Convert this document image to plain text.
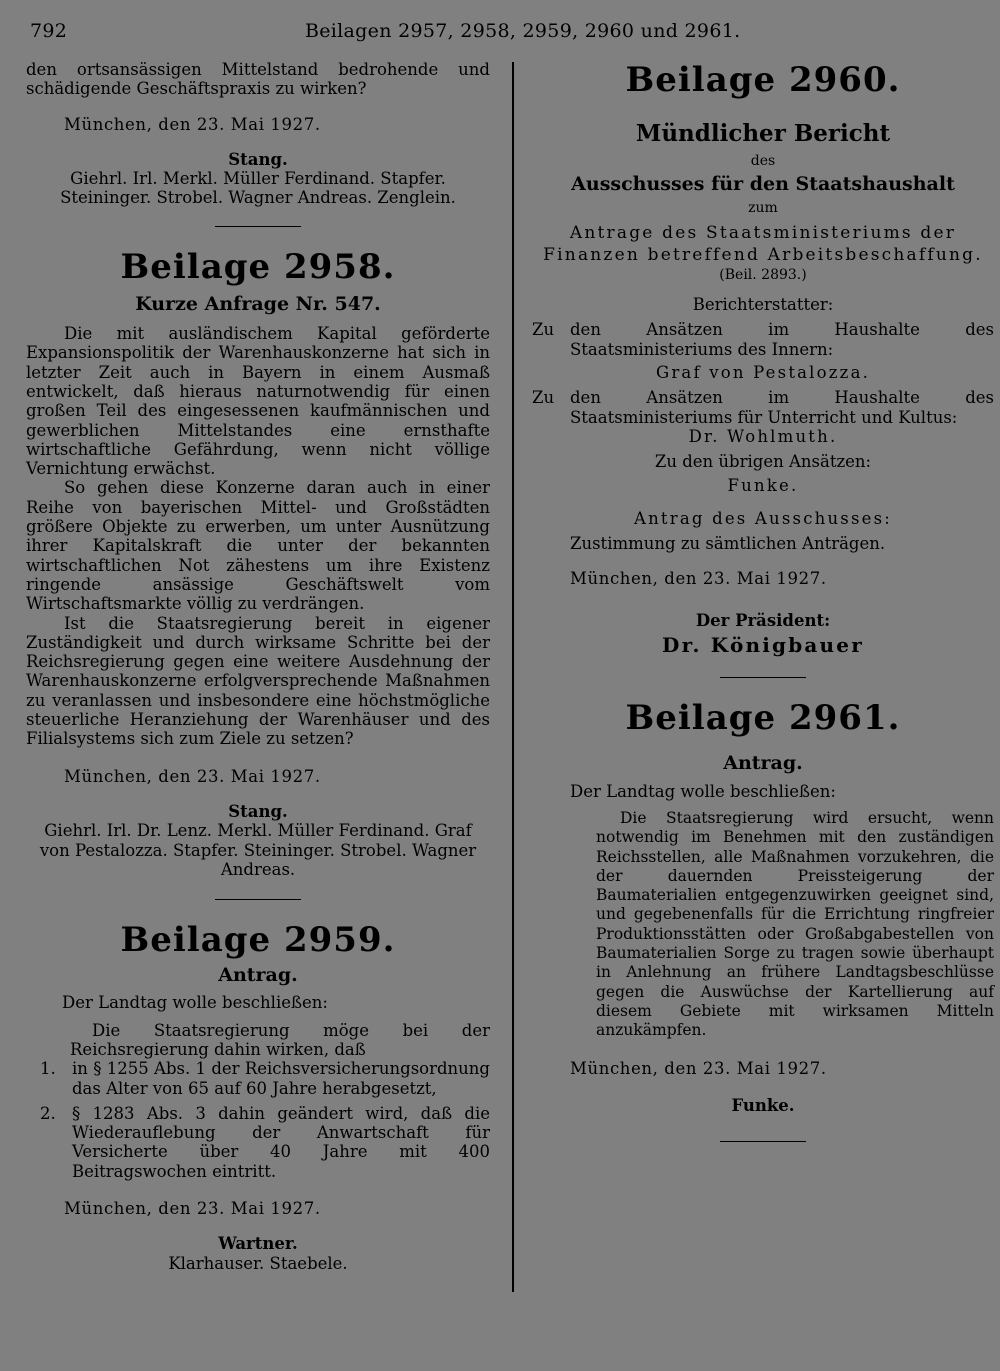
792	Beilagen 2957, 2958, 2959, 2960 und 2961.

den ortsansässigen Mittelstand bedrohende und schädigende Geschäftspraxis zu wirken?

München, den 23. Mai 1927.

Stang.

Giehrl. Irl. Merkl. Müller Ferdinand. Stapfer. Steininger. Strobel. Wagner Andreas. Zenglein.

Beilage 2958.

Kurze Anfrage Nr. 547.

Die mit ausländischem Kapital geförderte Expansionspolitik der Warenhauskonzerne hat sich in letzter Zeit auch in Bayern in einem Ausmaß entwickelt, daß hieraus naturnotwendig für einen großen Teil des eingesessenen kaufmännischen und gewerblichen Mittelstandes eine ernsthafte wirtschaftliche Gefährdung, wenn nicht völlige Vernichtung erwächst.

So gehen diese Konzerne daran auch in einer Reihe von bayerischen Mittel- und Großstädten größere Objekte zu erwerben, um unter Ausnützung ihrer Kapitalskraft die unter der bekannten wirtschaftlichen Not zähestens um ihre Existenz ringende ansässige Geschäftswelt vom Wirtschaftsmarkte völlig zu verdrängen.

Ist die Staatsregierung bereit in eigener Zuständigkeit und durch wirksame Schritte bei der Reichsregierung gegen eine weitere Ausdehnung der Warenhauskonzerne erfolgversprechende Maßnahmen zu veranlassen und insbesondere eine höchstmögliche steuerliche Heranziehung der Warenhäuser und des Filialsystems sich zum Ziele zu setzen?

München, den 23. Mai 1927.

Stang.

Giehrl. Irl. Dr. Lenz. Merkl. Müller Ferdinand. Graf von Pestalozza. Stapfer. Steininger. Strobel. Wagner Andreas.

Beilage 2959.

Antrag.

Der Landtag wolle beschließen:

Die Staatsregierung möge bei der Reichsregierung dahin wirken, daß

1. in § 1255 Abs. 1 der Reichsversicherungsordnung das Alter von 65 auf 60 Jahre herabgesetzt,
2. § 1283 Abs. 3 dahin geändert wird, daß die Wiederauflebung der Anwartschaft für Versicherte über 40 Jahre mit 400 Beitragswochen eintritt.

München, den 23. Mai 1927.

Wartner.

Klarhauser. Staebele.

Beilage 2960.

Mündlicher Bericht

des

Ausschusses für den Staatshaushalt

zum

Antrage des Staatsministeriums der Finanzen betreffend Arbeitsbeschaffung.

(Beil. 2893.)

Berichterstatter:

Zu den Ansätzen im Haushalte des Staatsministeriums des Innern:

Graf von Pestalozza.

Zu den Ansätzen im Haushalte des Staatsministeriums für Unterricht und Kultus:

Dr. Wohlmuth.

Zu den übrigen Ansätzen:

Funke.

Antrag des Ausschusses:

Zustimmung zu sämtlichen Anträgen.

München, den 23. Mai 1927.

Der Präsident:

Dr. Königbauer

Beilage 2961.

Antrag.

Der Landtag wolle beschließen:

Die Staatsregierung wird ersucht, wenn notwendig im Benehmen mit den zuständigen Reichsstellen, alle Maßnahmen vorzukehren, die der dauernden Preissteigerung der Baumaterialien entgegenzuwirken geeignet sind, und gegebenenfalls für die Errichtung ringfreier Produktionsstätten oder Großabgabestellen von Baumaterialien Sorge zu tragen sowie überhaupt in Anlehnung an frühere Landtagsbeschlüsse gegen die Auswüchse der Kartellierung auf diesem Gebiete mit wirksamen Mitteln anzukämpfen.

München, den 23. Mai 1927.

Funke.
